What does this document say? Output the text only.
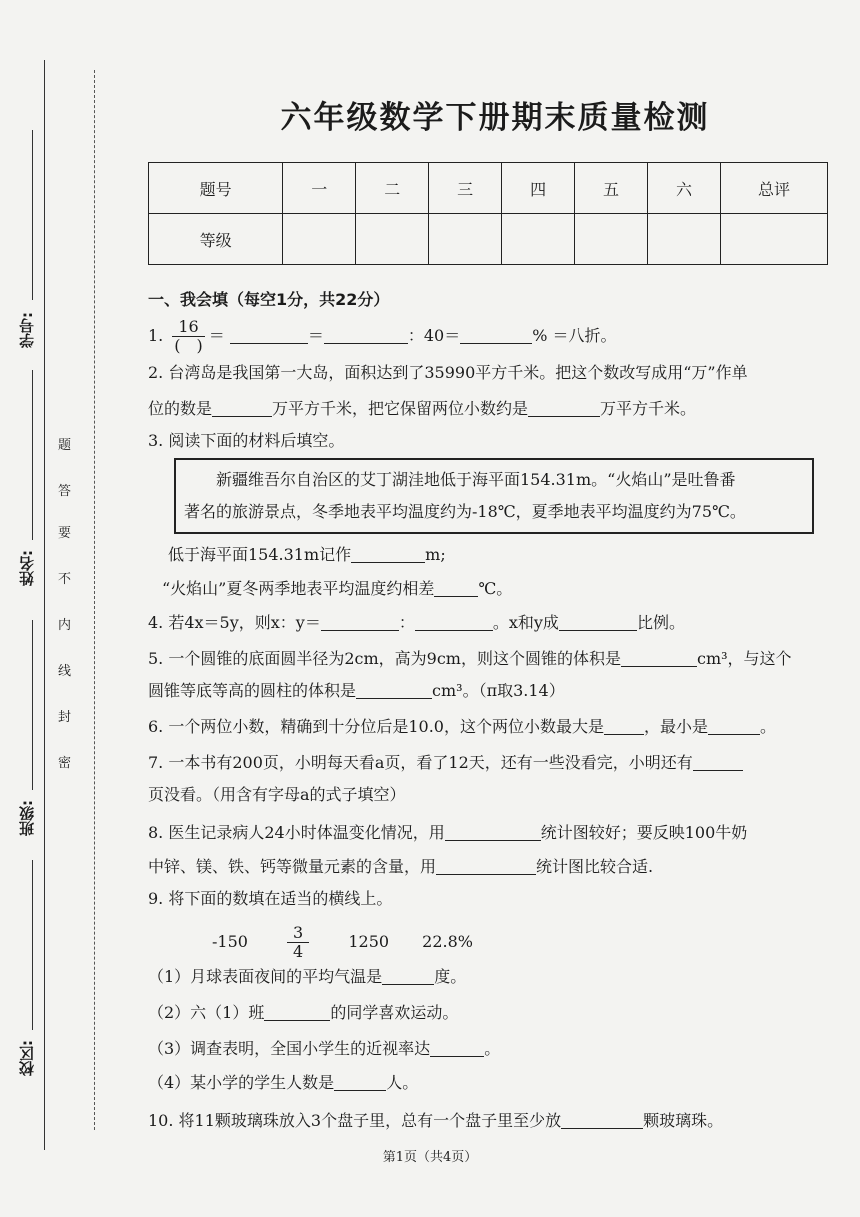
学号:
姓名:
班级:
校区:
密
封
线
内
不
要
答
题
六年级数学下册期末质量检测
题号	一	二	三	四	五	六	总评
等级							
一、我会填（每空1分，共22分）
1. $\frac{16}{( )}$ ＝	＝	：40＝	% ＝八折。
2. 台湾岛是我国第一大岛，面积达到了35990平方千米。把这个数改写成用“万”作单
位的数是	万平方千米，把它保留两位小数约是	万平方千米。
3. 阅读下面的材料后填空。
新疆维吾尔自治区的艾丁湖洼地低于海平面154.31m。“火焰山”是吐鲁番
著名的旅游景点，冬季地表平均温度约为-18℃，夏季地表平均温度约为75℃。
低于海平面154.31m记作	m;
“火焰山”夏冬两季地表平均温度约相差	℃。
4. 若4x＝5y，则x：y＝	：	。x和y成	比例。
5. 一个圆锥的底面圆半径为2cm，高为9cm，则这个圆锥的体积是	cm³，与这个
圆锥等底等高的圆柱的体积是	cm³。（π取3.14）
6. 一个两位小数，精确到十分位后是10.0，这个两位小数最大是	，最小是	。
7. 一本书有200页，小明每天看a页，看了12天，还有一些没看完，小明还有
页没看。（用含有字母a的式子填空）
8. 医生记录病人24小时体温变化情况，用	统计图较好；要反映100牛奶
中锌、镁、铁、钙等微量元素的含量，用	统计图比较合适.
9. 将下面的数填在适当的横线上。
$-150 \frac{3}{4} 1250$ 22.8%
（1）月球表面夜间的平均气温是	度。
（2）六（1）班	的同学喜欢运动。
（3）调查表明，全国小学生的近视率达	。
（4）某小学的学生人数是	人。
10. 将11颗玻璃珠放入3个盘子里，总有一个盘子里至少放	颗玻璃珠。
第1页（共4页）
